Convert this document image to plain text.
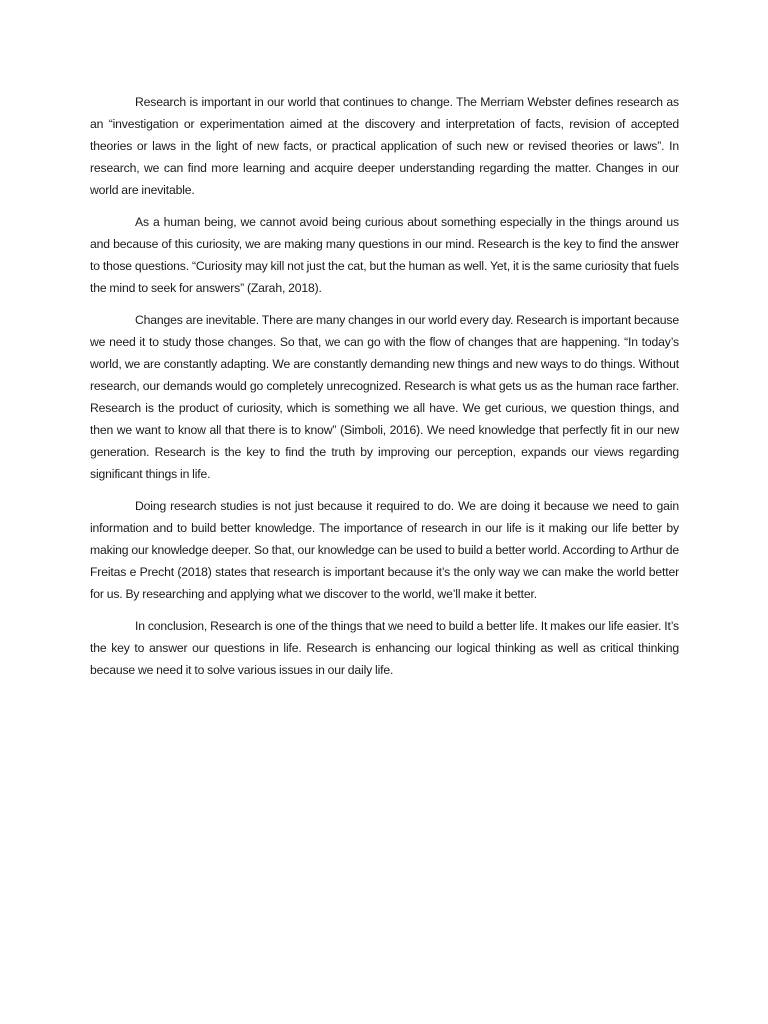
Research is important in our world that continues to change. The Merriam Webster defines research as an “investigation or experimentation aimed at the discovery and interpretation of facts, revision of accepted theories or laws in the light of new facts, or practical application of such new or revised theories or laws”. In research, we can find more learning and acquire deeper understanding regarding the matter. Changes in our world are inevitable.

As a human being, we cannot avoid being curious about something especially in the things around us and because of this curiosity, we are making many questions in our mind. Research is the key to find the answer to those questions. “Curiosity may kill not just the cat, but the human as well. Yet, it is the same curiosity that fuels the mind to seek for answers” (Zarah, 2018).

Changes are inevitable. There are many changes in our world every day. Research is important because we need it to study those changes. So that, we can go with the flow of changes that are happening. “In today’s world, we are constantly adapting. We are constantly demanding new things and new ways to do things. Without research, our demands would go completely unrecognized. Research is what gets us as the human race farther. Research is the product of curiosity, which is something we all have. We get curious, we question things, and then we want to know all that there is to know” (Simboli, 2016). We need knowledge that perfectly fit in our new generation. Research is the key to find the truth by improving our perception, expands our views regarding significant things in life.

Doing research studies is not just because it required to do. We are doing it because we need to gain information and to build better knowledge. The importance of research in our life is it making our life better by making our knowledge deeper. So that, our knowledge can be used to build a better world. According to Arthur de Freitas e Precht (2018) states that research is important because it’s the only way we can make the world better for us. By researching and applying what we discover to the world, we’ll make it better.

In conclusion, Research is one of the things that we need to build a better life. It makes our life easier. It’s the key to answer our questions in life. Research is enhancing our logical thinking as well as critical thinking because we need it to solve various issues in our daily life.
